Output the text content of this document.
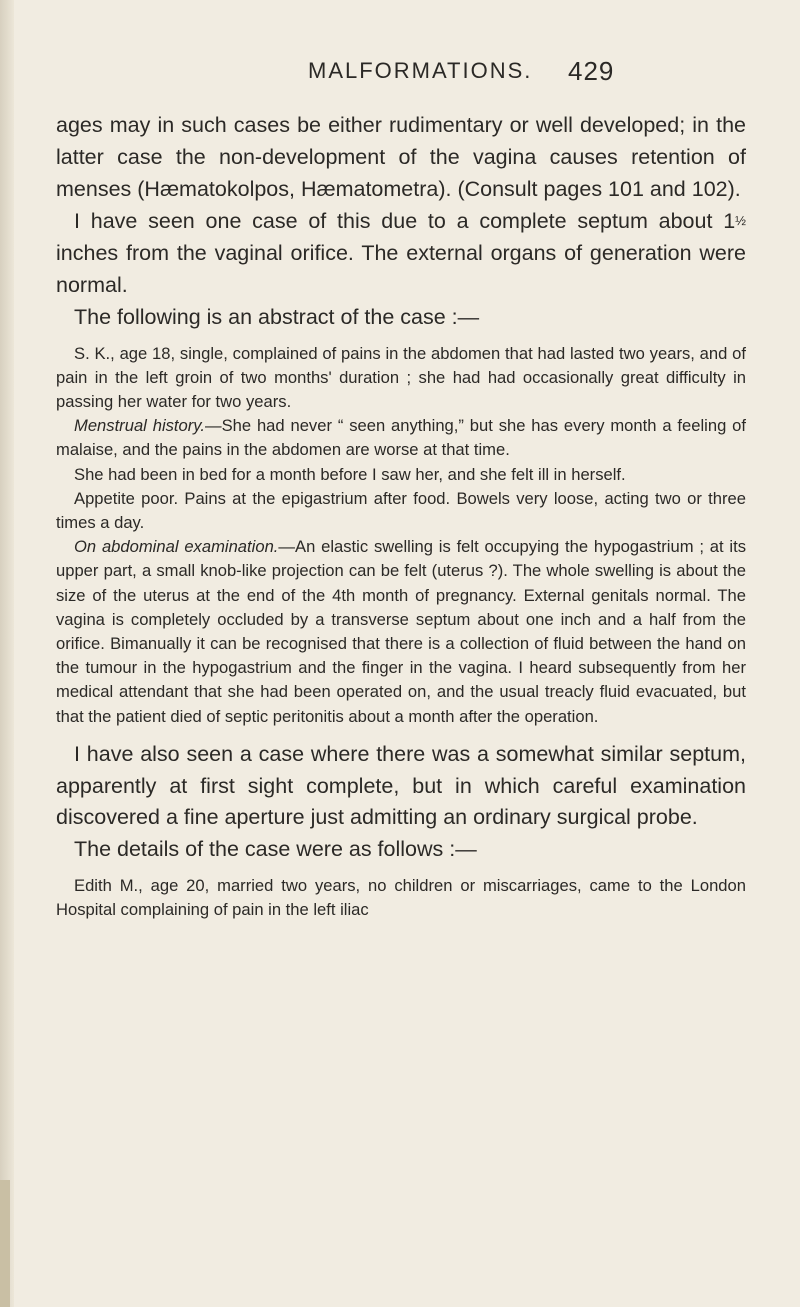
MALFORMATIONS. 429

ages may in such cases be either rudimentary or well developed; in the latter case the non-development of the vagina causes retention of menses (Hæmatokolpos, Hæmatometra). (Consult pages 101 and 102).

I have seen one case of this due to a complete septum about 1½ inches from the vaginal orifice. The external organs of generation were normal.

The following is an abstract of the case :—

S. K., age 18, single, complained of pains in the abdomen that had lasted two years, and of pain in the left groin of two months' duration ; she had had occasionally great difficulty in passing her water for two years.

Menstrual history.—She had never “ seen anything,” but she has every month a feeling of malaise, and the pains in the abdomen are worse at that time.

She had been in bed for a month before I saw her, and she felt ill in herself.

Appetite poor. Pains at the epigastrium after food. Bowels very loose, acting two or three times a day.

On abdominal examination.—An elastic swelling is felt occupying the hypogastrium ; at its upper part, a small knob-like projection can be felt (uterus ?). The whole swelling is about the size of the uterus at the end of the 4th month of pregnancy. External genitals normal. The vagina is completely occluded by a transverse septum about one inch and a half from the orifice. Bimanually it can be recognised that there is a collection of fluid between the hand on the tumour in the hypogastrium and the finger in the vagina. I heard subsequently from her medical attendant that she had been operated on, and the usual treacly fluid evacuated, but that the patient died of septic peritonitis about a month after the operation.

I have also seen a case where there was a somewhat similar septum, apparently at first sight complete, but in which careful examination discovered a fine aperture just admitting an ordinary surgical probe.

The details of the case were as follows :—

Edith M., age 20, married two years, no children or miscarriages, came to the London Hospital complaining of pain in the left iliac
